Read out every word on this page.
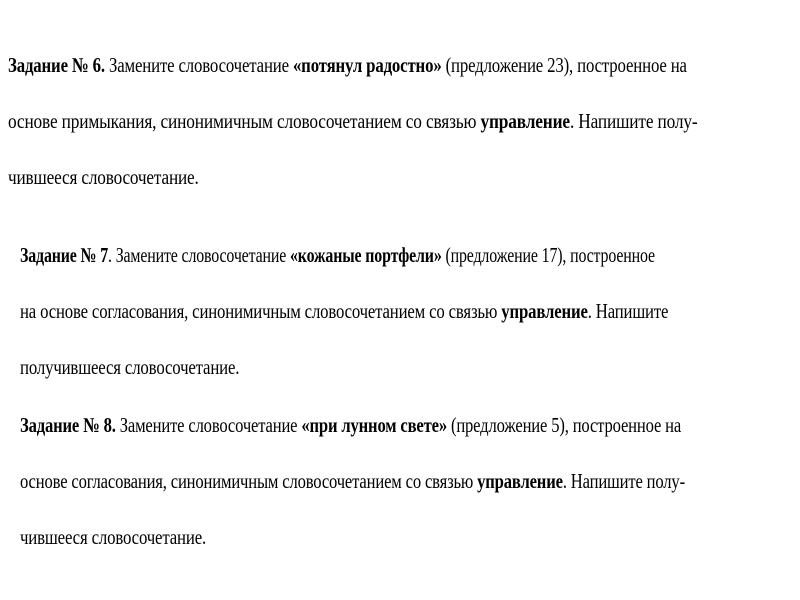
Задание № 6. Замените словосочетание «потянул радостно» (предложение 23), построенное на
основе примыкания, синонимичным словосочетанием со связью управление. Напишите полу-
чившееся словосочетание.
Задание № 7. Замените словосочетание «кожаные портфели» (предложение 17), построенное
на основе согласования, синонимичным словосочетанием со связью управление. Напишите
получившееся словосочетание.
Задание № 8. Замените словосочетание «при лунном свете» (предложение 5), построенное на
основе согласования, синонимичным словосочетанием со связью управление. Напишите полу-
чившееся словосочетание.
